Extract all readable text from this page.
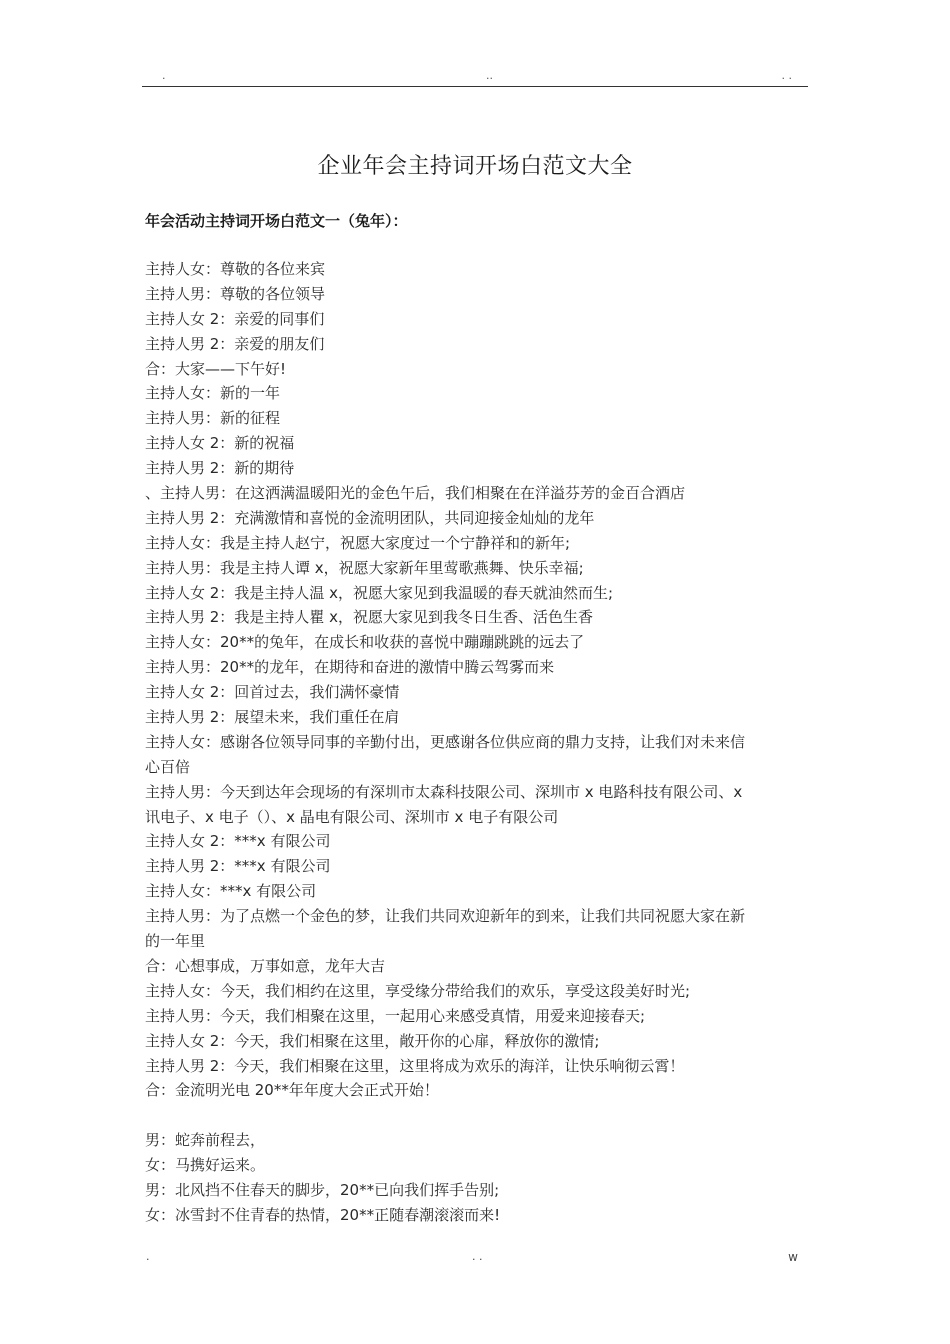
.	..	. .
企业年会主持词开场白范文大全
年会活动主持词开场白范文一（兔年）：
主持人女：尊敬的各位来宾
主持人男：尊敬的各位领导
主持人女 2：亲爱的同事们
主持人男 2：亲爱的朋友们
合：大家——下午好!
主持人女：新的一年
主持人男：新的征程
主持人女 2：新的祝福
主持人男 2：新的期待
、主持人男：在这洒满温暖阳光的金色午后，我们相聚在在洋溢芬芳的金百合酒店
主持人男 2：充满激情和喜悦的金流明团队，共同迎接金灿灿的龙年
主持人女：我是主持人赵宁，祝愿大家度过一个宁静祥和的新年;
主持人男：我是主持人谭 x，祝愿大家新年里莺歌燕舞、快乐幸福;
主持人女 2：我是主持人温 x，祝愿大家见到我温暖的春天就油然而生;
主持人男 2：我是主持人瞿 x，祝愿大家见到我冬日生香、活色生香
主持人女：20**的兔年，在成长和收获的喜悦中蹦蹦跳跳的远去了
主持人男：20**的龙年，在期待和奋进的激情中腾云驾雾而来
主持人女 2：回首过去，我们满怀豪情
主持人男 2：展望未来，我们重任在肩
主持人女：感谢各位领导同事的辛勤付出，更感谢各位供应商的鼎力支持，让我们对未来信
心百倍
主持人男：今天到达年会现场的有深圳市太森科技限公司、深圳市 x 电路科技有限公司、x
讯电子、x 电子（）、x 晶电有限公司、深圳市 x 电子有限公司
主持人女 2：***x 有限公司
主持人男 2：***x 有限公司
主持人女：***x 有限公司
主持人男：为了点燃一个金色的梦，让我们共同欢迎新年的到来，让我们共同祝愿大家在新
的一年里
合：心想事成，万事如意，龙年大吉
主持人女：今天，我们相约在这里，享受缘分带给我们的欢乐，享受这段美好时光;
主持人男：今天，我们相聚在这里，一起用心来感受真情，用爱来迎接春天;
主持人女 2：今天，我们相聚在这里，敞开你的心扉，释放你的激情;
主持人男 2：今天，我们相聚在这里，这里将成为欢乐的海洋，让快乐响彻云霄！
合：金流明光电 20**年年度大会正式开始！
男：蛇奔前程去，
女：马携好运来。
男：北风挡不住春天的脚步，20**已向我们挥手告别;
女：冰雪封不住青春的热情，20**正随春潮滚滚而来!
.	. .	w
